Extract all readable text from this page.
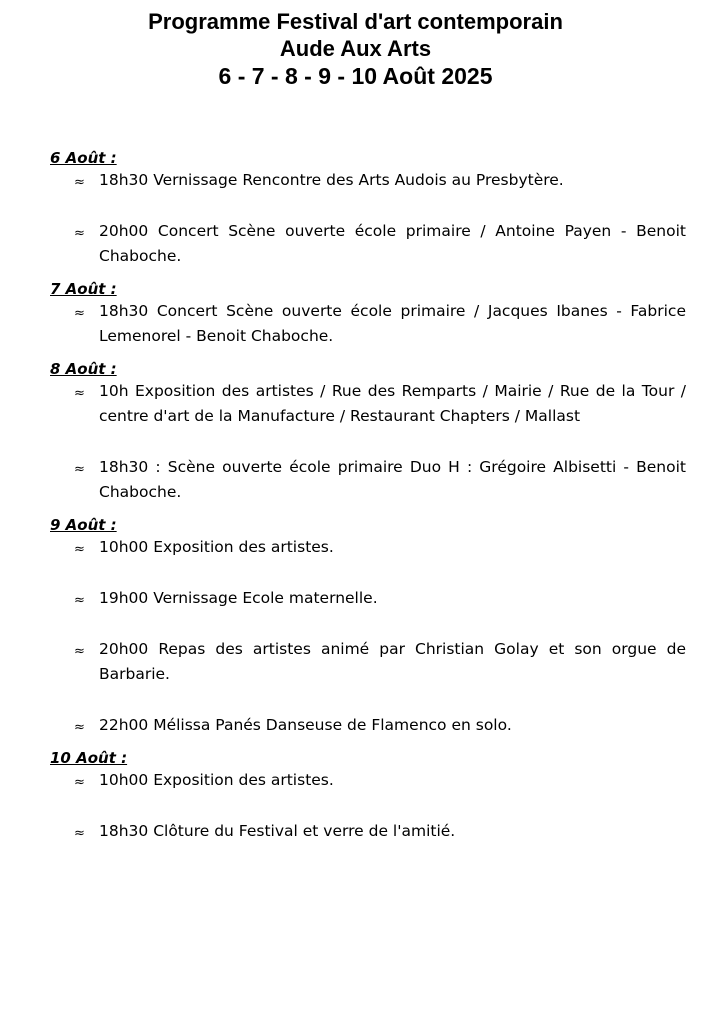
Programme Festival d'art contemporain
Aude Aux Arts
6 - 7 - 8 - 9 - 10 Août 2025
6 Août :
≈ 18h30 Vernissage Rencontre des Arts Audois au Presbytère.
≈ 20h00 Concert Scène ouverte école primaire / Antoine Payen - Benoit Chaboche.
7 Août :
≈ 18h30 Concert Scène ouverte école primaire / Jacques Ibanes - Fabrice Lemenorel - Benoit Chaboche.
8 Août :
≈ 10h Exposition des artistes / Rue des Remparts / Mairie / Rue de la Tour / centre d'art de la Manufacture / Restaurant Chapters / Mallast
≈ 18h30 : Scène ouverte école primaire Duo H : Grégoire Albisetti - Benoit Chaboche.
9 Août :
≈ 10h00 Exposition des artistes.
≈ 19h00 Vernissage Ecole maternelle.
≈ 20h00 Repas des artistes animé par Christian Golay et son orgue de Barbarie.
≈ 22h00 Mélissa Panés Danseuse de Flamenco en solo.
10 Août :
≈ 10h00 Exposition des artistes.
≈ 18h30 Clôture du Festival et verre de l'amitié.
